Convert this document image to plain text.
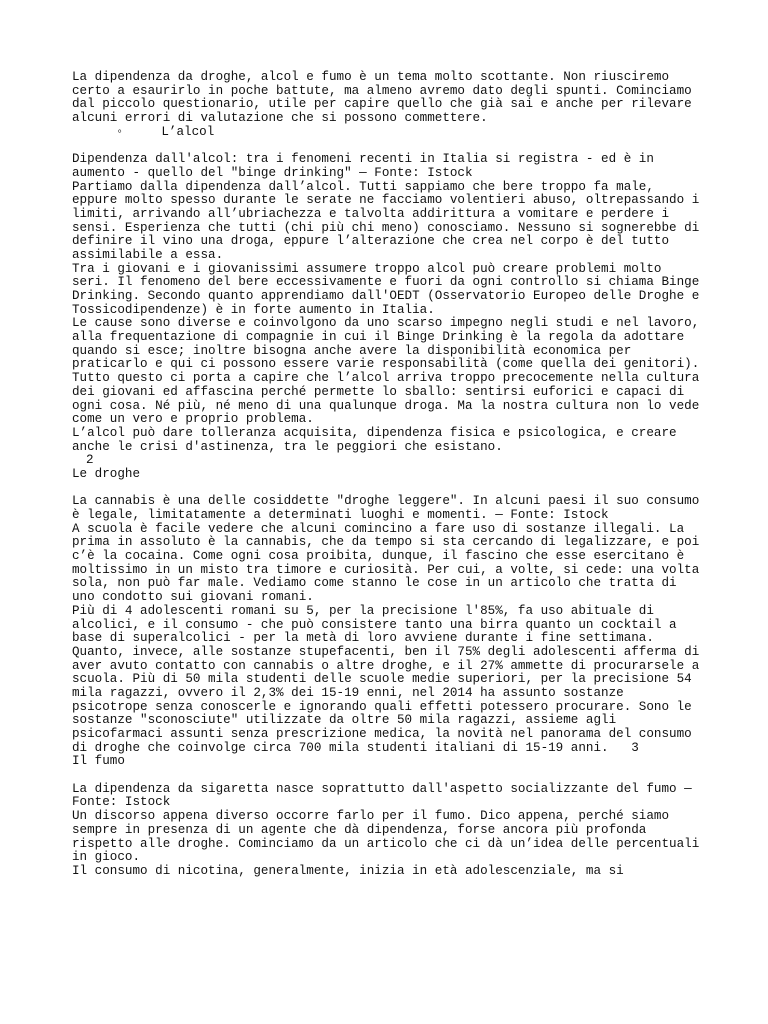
La dipendenza da droghe, alcol e fumo è un tema molto scottante. Non riusciremo
certo a esaurirlo in poche battute, ma almeno avremo dato degli spunti. Cominciamo
dal piccolo questionario, utile per capire quello che già sai e anche per rilevare
alcuni errori di valutazione che si possono commettere.
◦     L’alcol
Dipendenza dall'alcol: tra i fenomeni recenti in Italia si registra - ed è in
aumento - quello del "binge drinking" — Fonte: Istock
Partiamo dalla dipendenza dall’alcol. Tutti sappiamo che bere troppo fa male,
eppure molto spesso durante le serate ne facciamo volentieri abuso, oltrepassando i
limiti, arrivando all’ubriachezza e talvolta addirittura a vomitare e perdere i
sensi. Esperienza che tutti (chi più chi meno) conosciamo. Nessuno si sognerebbe di
definire il vino una droga, eppure l’alterazione che crea nel corpo è del tutto
assimilabile a essa.
Tra i giovani e i giovanissimi assumere troppo alcol può creare problemi molto
seri. Il fenomeno del bere eccessivamente e fuori da ogni controllo si chiama Binge
Drinking. Secondo quanto apprendiamo dall'OEDT (Osservatorio Europeo delle Droghe e
Tossicodipendenze) è in forte aumento in Italia.
Le cause sono diverse e coinvolgono da uno scarso impegno negli studi e nel lavoro,
alla frequentazione di compagnie in cui il Binge Drinking è la regola da adottare
quando si esce; inoltre bisogna anche avere la disponibilità economica per
praticarlo e qui ci possono essere varie responsabilità (come quella dei genitori).
Tutto questo ci porta a capire che l’alcol arriva troppo precocemente nella cultura
dei giovani ed affascina perché permette lo sballo: sentirsi euforici e capaci di
ogni cosa. Né più, né meno di una qualunque droga. Ma la nostra cultura non lo vede
come un vero e proprio problema.
L’alcol può dare tolleranza acquisita, dipendenza fisica e psicologica, e creare
anche le crisi d'astinenza, tra le peggiori che esistano.
2
Le droghe
La cannabis è una delle cosiddette "droghe leggere". In alcuni paesi il suo consumo
è legale, limitatamente a determinati luoghi e momenti. — Fonte: Istock
A scuola è facile vedere che alcuni comincino a fare uso di sostanze illegali. La
prima in assoluto è la cannabis, che da tempo si sta cercando di legalizzare, e poi
c’è la cocaina. Come ogni cosa proibita, dunque, il fascino che esse esercitano è
moltissimo in un misto tra timore e curiosità. Per cui, a volte, si cede: una volta
sola, non può far male. Vediamo come stanno le cose in un articolo che tratta di
uno condotto sui giovani romani.
Più di 4 adolescenti romani su 5, per la precisione l'85%, fa uso abituale di
alcolici, e il consumo - che può consistere tanto una birra quanto un cocktail a
base di superalcolici - per la metà di loro avviene durante i fine settimana.
Quanto, invece, alle sostanze stupefacenti, ben il 75% degli adolescenti afferma di
aver avuto contatto con cannabis o altre droghe, e il 27% ammette di procurarsele a
scuola. Più di 50 mila studenti delle scuole medie superiori, per la precisione 54
mila ragazzi, ovvero il 2,3% dei 15-19 enni, nel 2014 ha assunto sostanze
psicotrope senza conoscerle e ignorando quali effetti potessero procurare. Sono le
sostanze "sconosciute" utilizzate da oltre 50 mila ragazzi, assieme agli
psicofarmaci assunti senza prescrizione medica, la novità nel panorama del consumo
di droghe che coinvolge circa 700 mila studenti italiani di 15-19 anni.   3
Il fumo
La dipendenza da sigaretta nasce soprattutto dall'aspetto socializzante del fumo —
Fonte: Istock
Un discorso appena diverso occorre farlo per il fumo. Dico appena, perché siamo
sempre in presenza di un agente che dà dipendenza, forse ancora più profonda
rispetto alle droghe. Cominciamo da un articolo che ci dà un’idea delle percentuali
in gioco.
Il consumo di nicotina, generalmente, inizia in età adolescenziale, ma si
